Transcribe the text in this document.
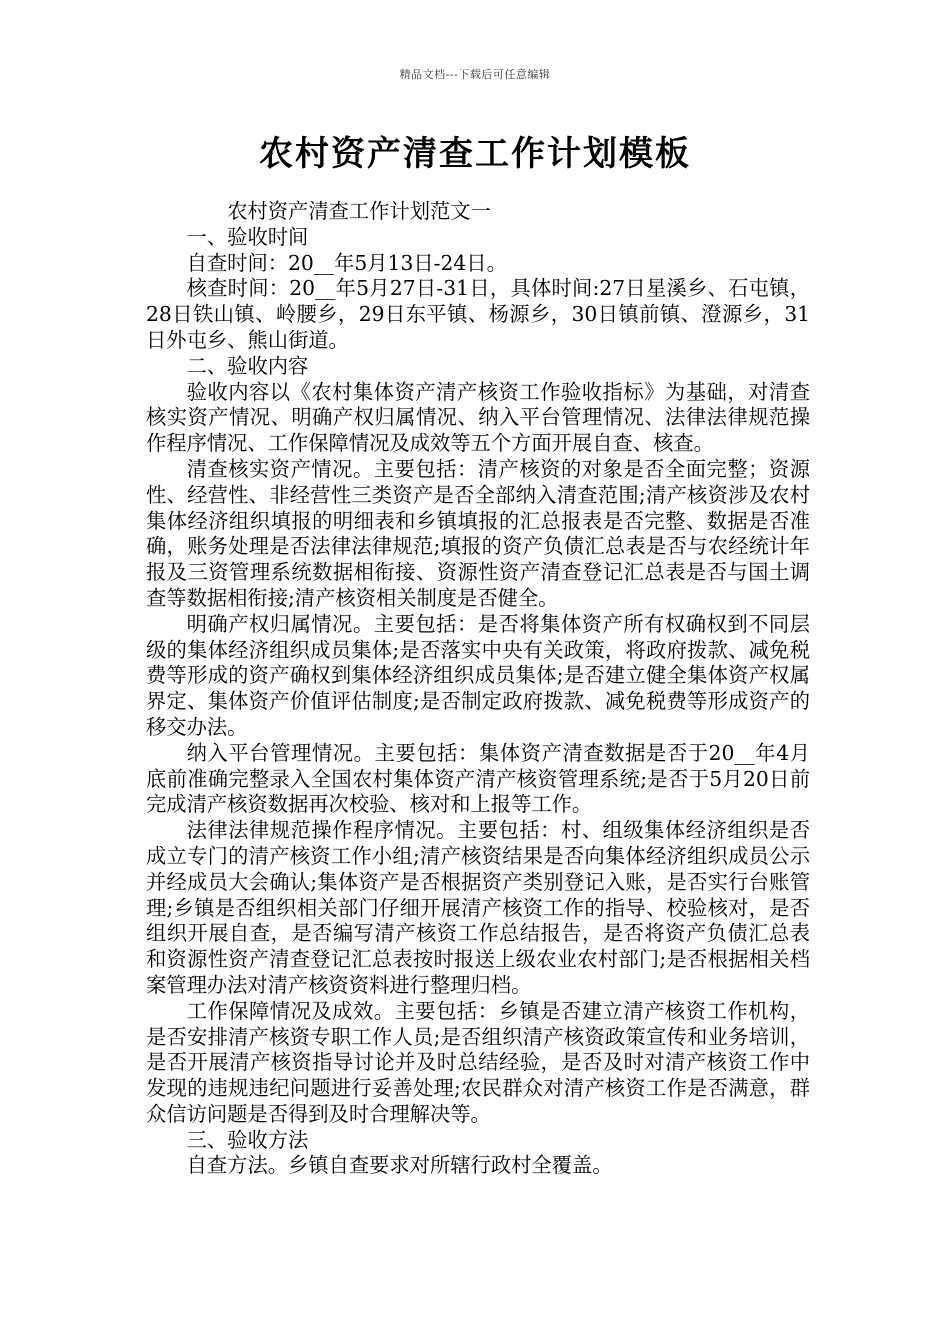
精品文档---下载后可任意编辑
农村资产清查工作计划模板

农村资产清查工作计划范文一

一、验收时间

自查时间：20__年5月13日-24日。

核查时间：20__年5月27日-31日，具体时间:27日星溪乡、石屯镇，28日铁山镇、岭腰乡，29日东平镇、杨源乡，30日镇前镇、澄源乡，31日外屯乡、熊山街道。

二、验收内容

验收内容以《农村集体资产清产核资工作验收指标》为基础，对清查核实资产情况、明确产权归属情况、纳入平台管理情况、法律法律规范操作程序情况、工作保障情况及成效等五个方面开展自查、核查。

清查核实资产情况。主要包括：清产核资的对象是否全面完整；资源性、经营性、非经营性三类资产是否全部纳入清查范围;清产核资涉及农村集体经济组织填报的明细表和乡镇填报的汇总报表是否完整、数据是否准确，账务处理是否法律法律规范;填报的资产负债汇总表是否与农经统计年报及三资管理系统数据相衔接、资源性资产清查登记汇总表是否与国土调查等数据相衔接;清产核资相关制度是否健全。

明确产权归属情况。主要包括：是否将集体资产所有权确权到不同层级的集体经济组织成员集体;是否落实中央有关政策，将政府拨款、减免税费等形成的资产确权到集体经济组织成员集体;是否建立健全集体资产权属界定、集体资产价值评估制度;是否制定政府拨款、减免税费等形成资产的移交办法。

纳入平台管理情况。主要包括：集体资产清查数据是否于20__年4月底前准确完整录入全国农村集体资产清产核资管理系统;是否于5月20日前完成清产核资数据再次校验、核对和上报等工作。

法律法律规范操作程序情况。主要包括：村、组级集体经济组织是否成立专门的清产核资工作小组;清产核资结果是否向集体经济组织成员公示并经成员大会确认;集体资产是否根据资产类别登记入账，是否实行台账管理;乡镇是否组织相关部门仔细开展清产核资工作的指导、校验核对，是否组织开展自查，是否编写清产核资工作总结报告，是否将资产负债汇总表和资源性资产清查登记汇总表按时报送上级农业农村部门;是否根据相关档案管理办法对清产核资资料进行整理归档。

工作保障情况及成效。主要包括：乡镇是否建立清产核资工作机构，是否安排清产核资专职工作人员;是否组织清产核资政策宣传和业务培训，是否开展清产核资指导讨论并及时总结经验，是否及时对清产核资工作中发现的违规违纪问题进行妥善处理;农民群众对清产核资工作是否满意，群众信访问题是否得到及时合理解决等。

三、验收方法

自查方法。乡镇自查要求对所辖行政村全覆盖。
